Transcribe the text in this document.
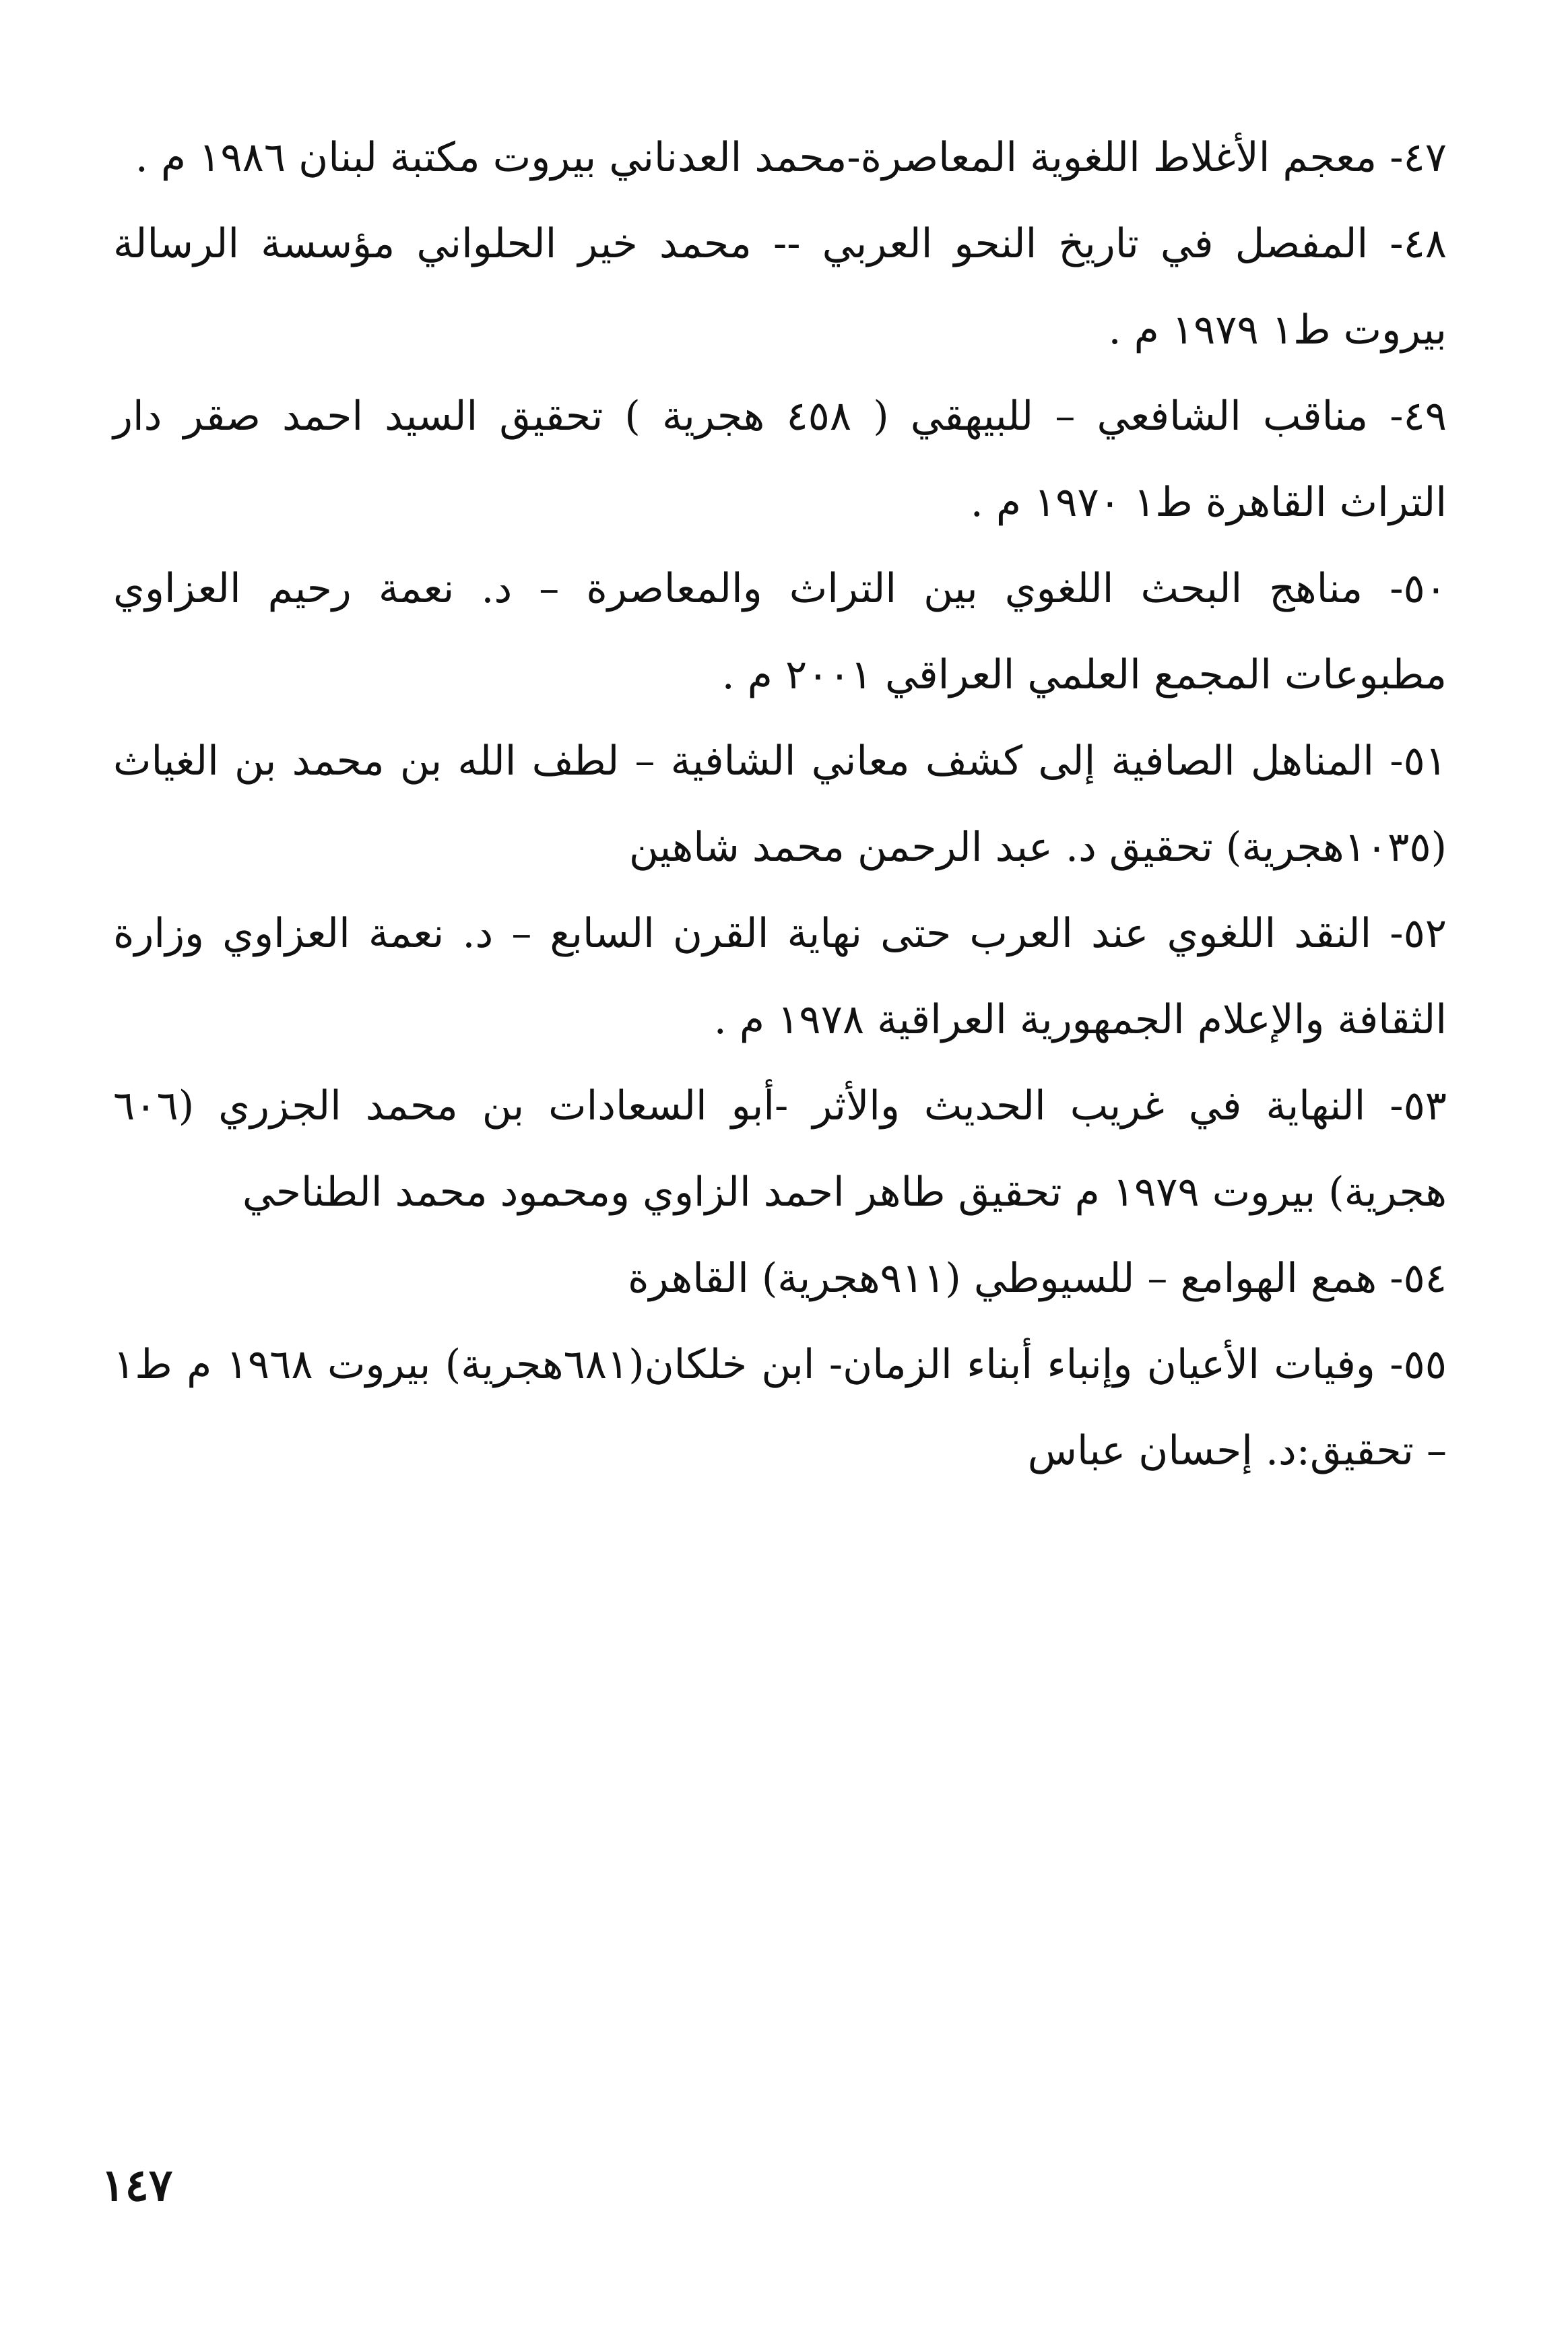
٤٧- معجم الأغلاط اللغوية المعاصرة-محمد العدناني بيروت مكتبة لبنان ١٩٨٦ م .
٤٨- المفصل في تاريخ النحو العربي -- محمد خير الحلواني مؤسسة الرسالة بيروت ط١ ١٩٧٩ م .
٤٩- مناقب الشافعي – للبيهقي ( ٤٥٨ هجرية ) تحقيق السيد احمد صقر دار التراث القاهرة ط١ ١٩٧٠ م .
٥٠- مناهج البحث اللغوي بين التراث والمعاصرة – د. نعمة رحيم العزاوي مطبوعات المجمع العلمي العراقي ٢٠٠١ م .
٥١- المناهل الصافية إلى كشف معاني الشافية – لطف الله بن محمد بن الغياث (١٠٣٥هجرية) تحقيق د. عبد الرحمن محمد شاهين
٥٢- النقد اللغوي عند العرب حتى نهاية القرن السابع – د. نعمة العزاوي وزارة الثقافة والإعلام الجمهورية العراقية ١٩٧٨ م .
٥٣- النهاية في غريب الحديث والأثر -أبو السعادات بن محمد الجزري (٦٠٦ هجرية) بيروت ١٩٧٩ م تحقيق طاهر احمد الزاوي ومحمود محمد الطناحي
٥٤- همع الهوامع – للسيوطي (٩١١هجرية) القاهرة
٥٥- وفيات الأعيان وإنباء أبناء الزمان- ابن خلكان(٦٨١هجرية) بيروت ١٩٦٨ م ط١ – تحقيق:د. إحسان عباس
١٤٧
